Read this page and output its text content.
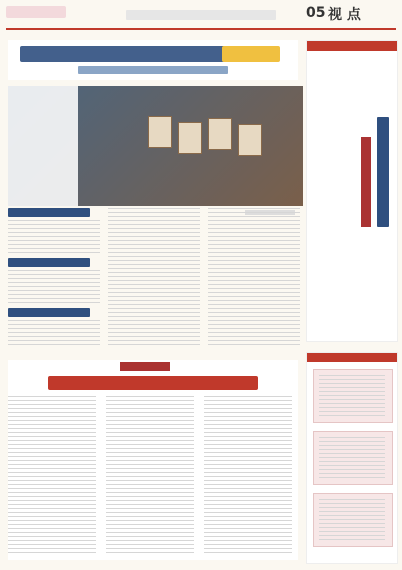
05 视 点
